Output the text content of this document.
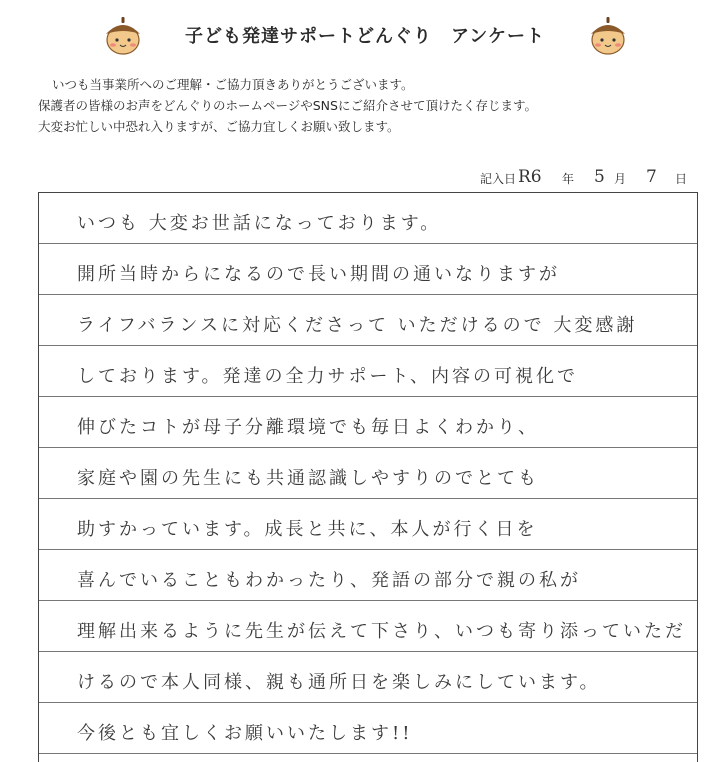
子ども発達サポートどんぐり　アンケート

いつも当事業所へのご理解・ご協力頂きありがとうございます。

保護者の皆様のお声をどんぐりのホームページやSNSにご紹介させて頂けたく存じます。

大変お忙しい中恐れ入りますが、ご協力宜しくお願い致します。

記入日 R6 年 5 月 7 日
いつも 大変お世話になっております。
開所当時からになるので長い期間の通いなりますが
ライフバランスに対応くださって いただけるので 大変感謝
しております。発達の全力サポート、内容の可視化で
伸びたコトが母子分離環境でも毎日よくわかり、
家庭や園の先生にも共通認識しやすりのでとても
助すかっています。成長と共に、本人が行く日を
喜んでいることもわかったり、発語の部分で親の私が
理解出来るように先生が伝えて下さり、いつも寄り添っていただ
けるので本人同様、親も通所日を楽しみにしています。
今後とも宜しくお願いいたします!!
